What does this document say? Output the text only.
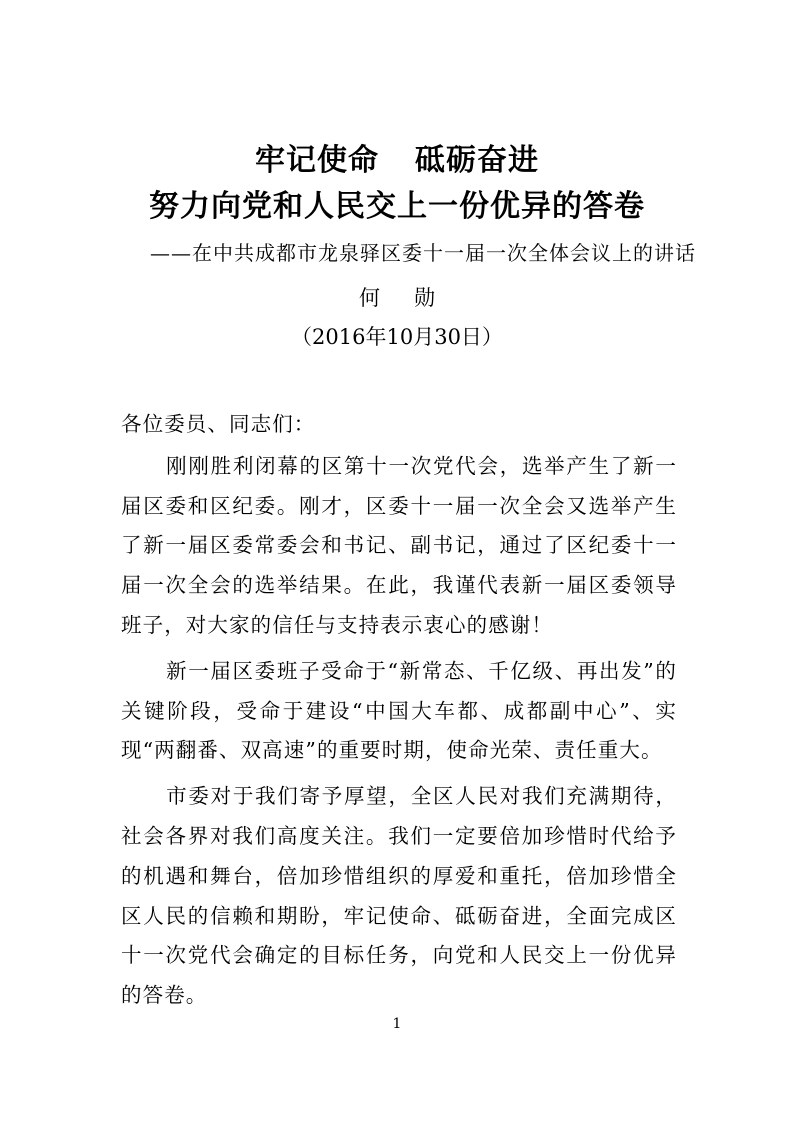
牢记使命 砥砺奋进
努力向党和人民交上一份优异的答卷
——在中共成都市龙泉驿区委十一届一次全体会议上的讲话
何 勋
（2016年10月30日）

各位委员、同志们：

刚刚胜利闭幕的区第十一次党代会，选举产生了新一届区委和区纪委。刚才，区委十一届一次全会又选举产生了新一届区委常委会和书记、副书记，通过了区纪委十一届一次全会的选举结果。在此，我谨代表新一届区委领导班子，对大家的信任与支持表示衷心的感谢！

新一届区委班子受命于“新常态、千亿级、再出发”的关键阶段，受命于建设“中国大车都、成都副中心”、实现“两翻番、双高速”的重要时期，使命光荣、责任重大。

市委对于我们寄予厚望，全区人民对我们充满期待，社会各界对我们高度关注。我们一定要倍加珍惜时代给予的机遇和舞台，倍加珍惜组织的厚爱和重托，倍加珍惜全区人民的信赖和期盼，牢记使命、砥砺奋进，全面完成区十一次党代会确定的目标任务，向党和人民交上一份优异的答卷。

1
